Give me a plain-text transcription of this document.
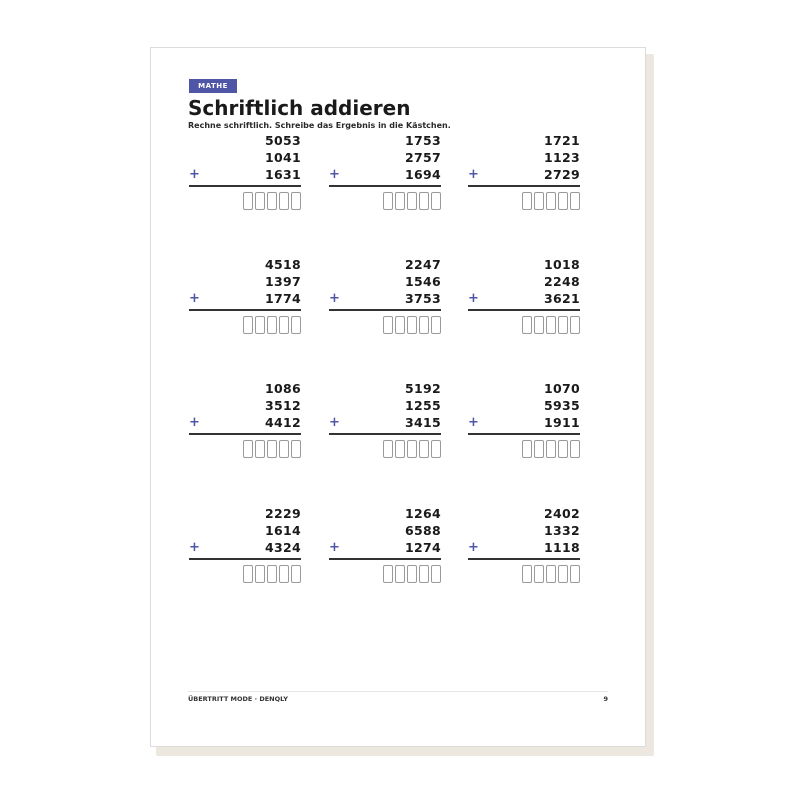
MATHE
Schriftlich addieren
Rechne schriftlich. Schreibe das Ergebnis in die Kästchen.
5053
1041
1631
+
1753
2757
1694
+
1721
1123
2729
+
4518
1397
1774
+
2247
1546
3753
+
1018
2248
3621
+
1086
3512
4412
+
5192
1255
3415
+
1070
5935
1911
+
2229
1614
4324
+
1264
6588
1274
+
2402
1332
1118
+
ÜBERTRITT MODE · DENQLY	9
